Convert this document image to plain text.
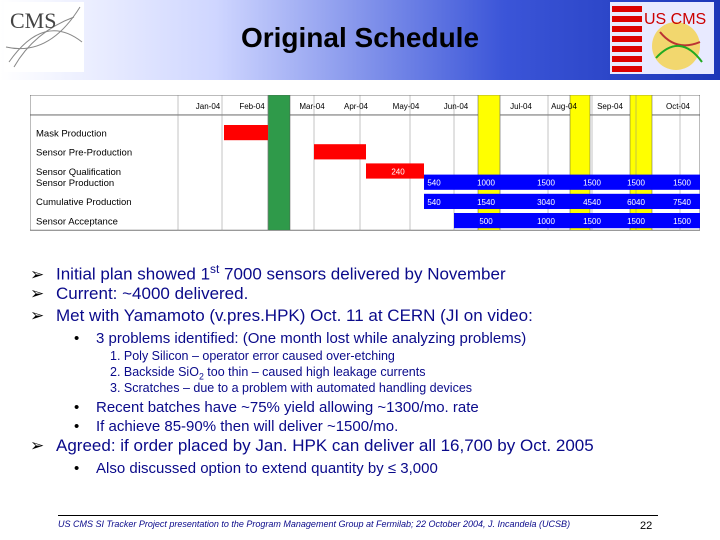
CMS	US CMS
Original Schedule
Jan-04 Feb-04	Mar-04 Apr-04	May-04	Jun-04	Jul-04 Aug-04	Sep-04	Oct-04
Mask Production
Sensor Pre-Production
Sensor Qualification	240
Sensor Production	540	1000	1500	1500	1500	1500
Cumulative Production	540	1540	3040	4540	6040	7540
Sensor Acceptance	500	1000	1500	1500	1500
➢ Initial plan showed 1st 7000 sensors delivered by November
➢ Current: ~4000 delivered.
➢ Met with Yamamoto (v.pres.HPK) Oct. 11 at CERN (JI on video:
• 3 problems identified: (One month lost while analyzing problems)
1. Poly Silicon – operator error caused over-etching
2. Backside SiO$_2$ too thin – caused high leakage currents
3. Scratches – due to a problem with automated handling devices
• Recent batches have ~75% yield allowing ~1300/mo. rate
• If achieve 85-90% then will deliver ~1500/mo.
➢ Agreed: if order placed by Jan. HPK can deliver all 16,700 by Oct. 2005
• Also discussed option to extend quantity by ≤ 3,000
US CMS SI Tracker Project presentation to the Program Management Group at Fermilab; 22 October 2004, J. Incandela (UCSB)	22
